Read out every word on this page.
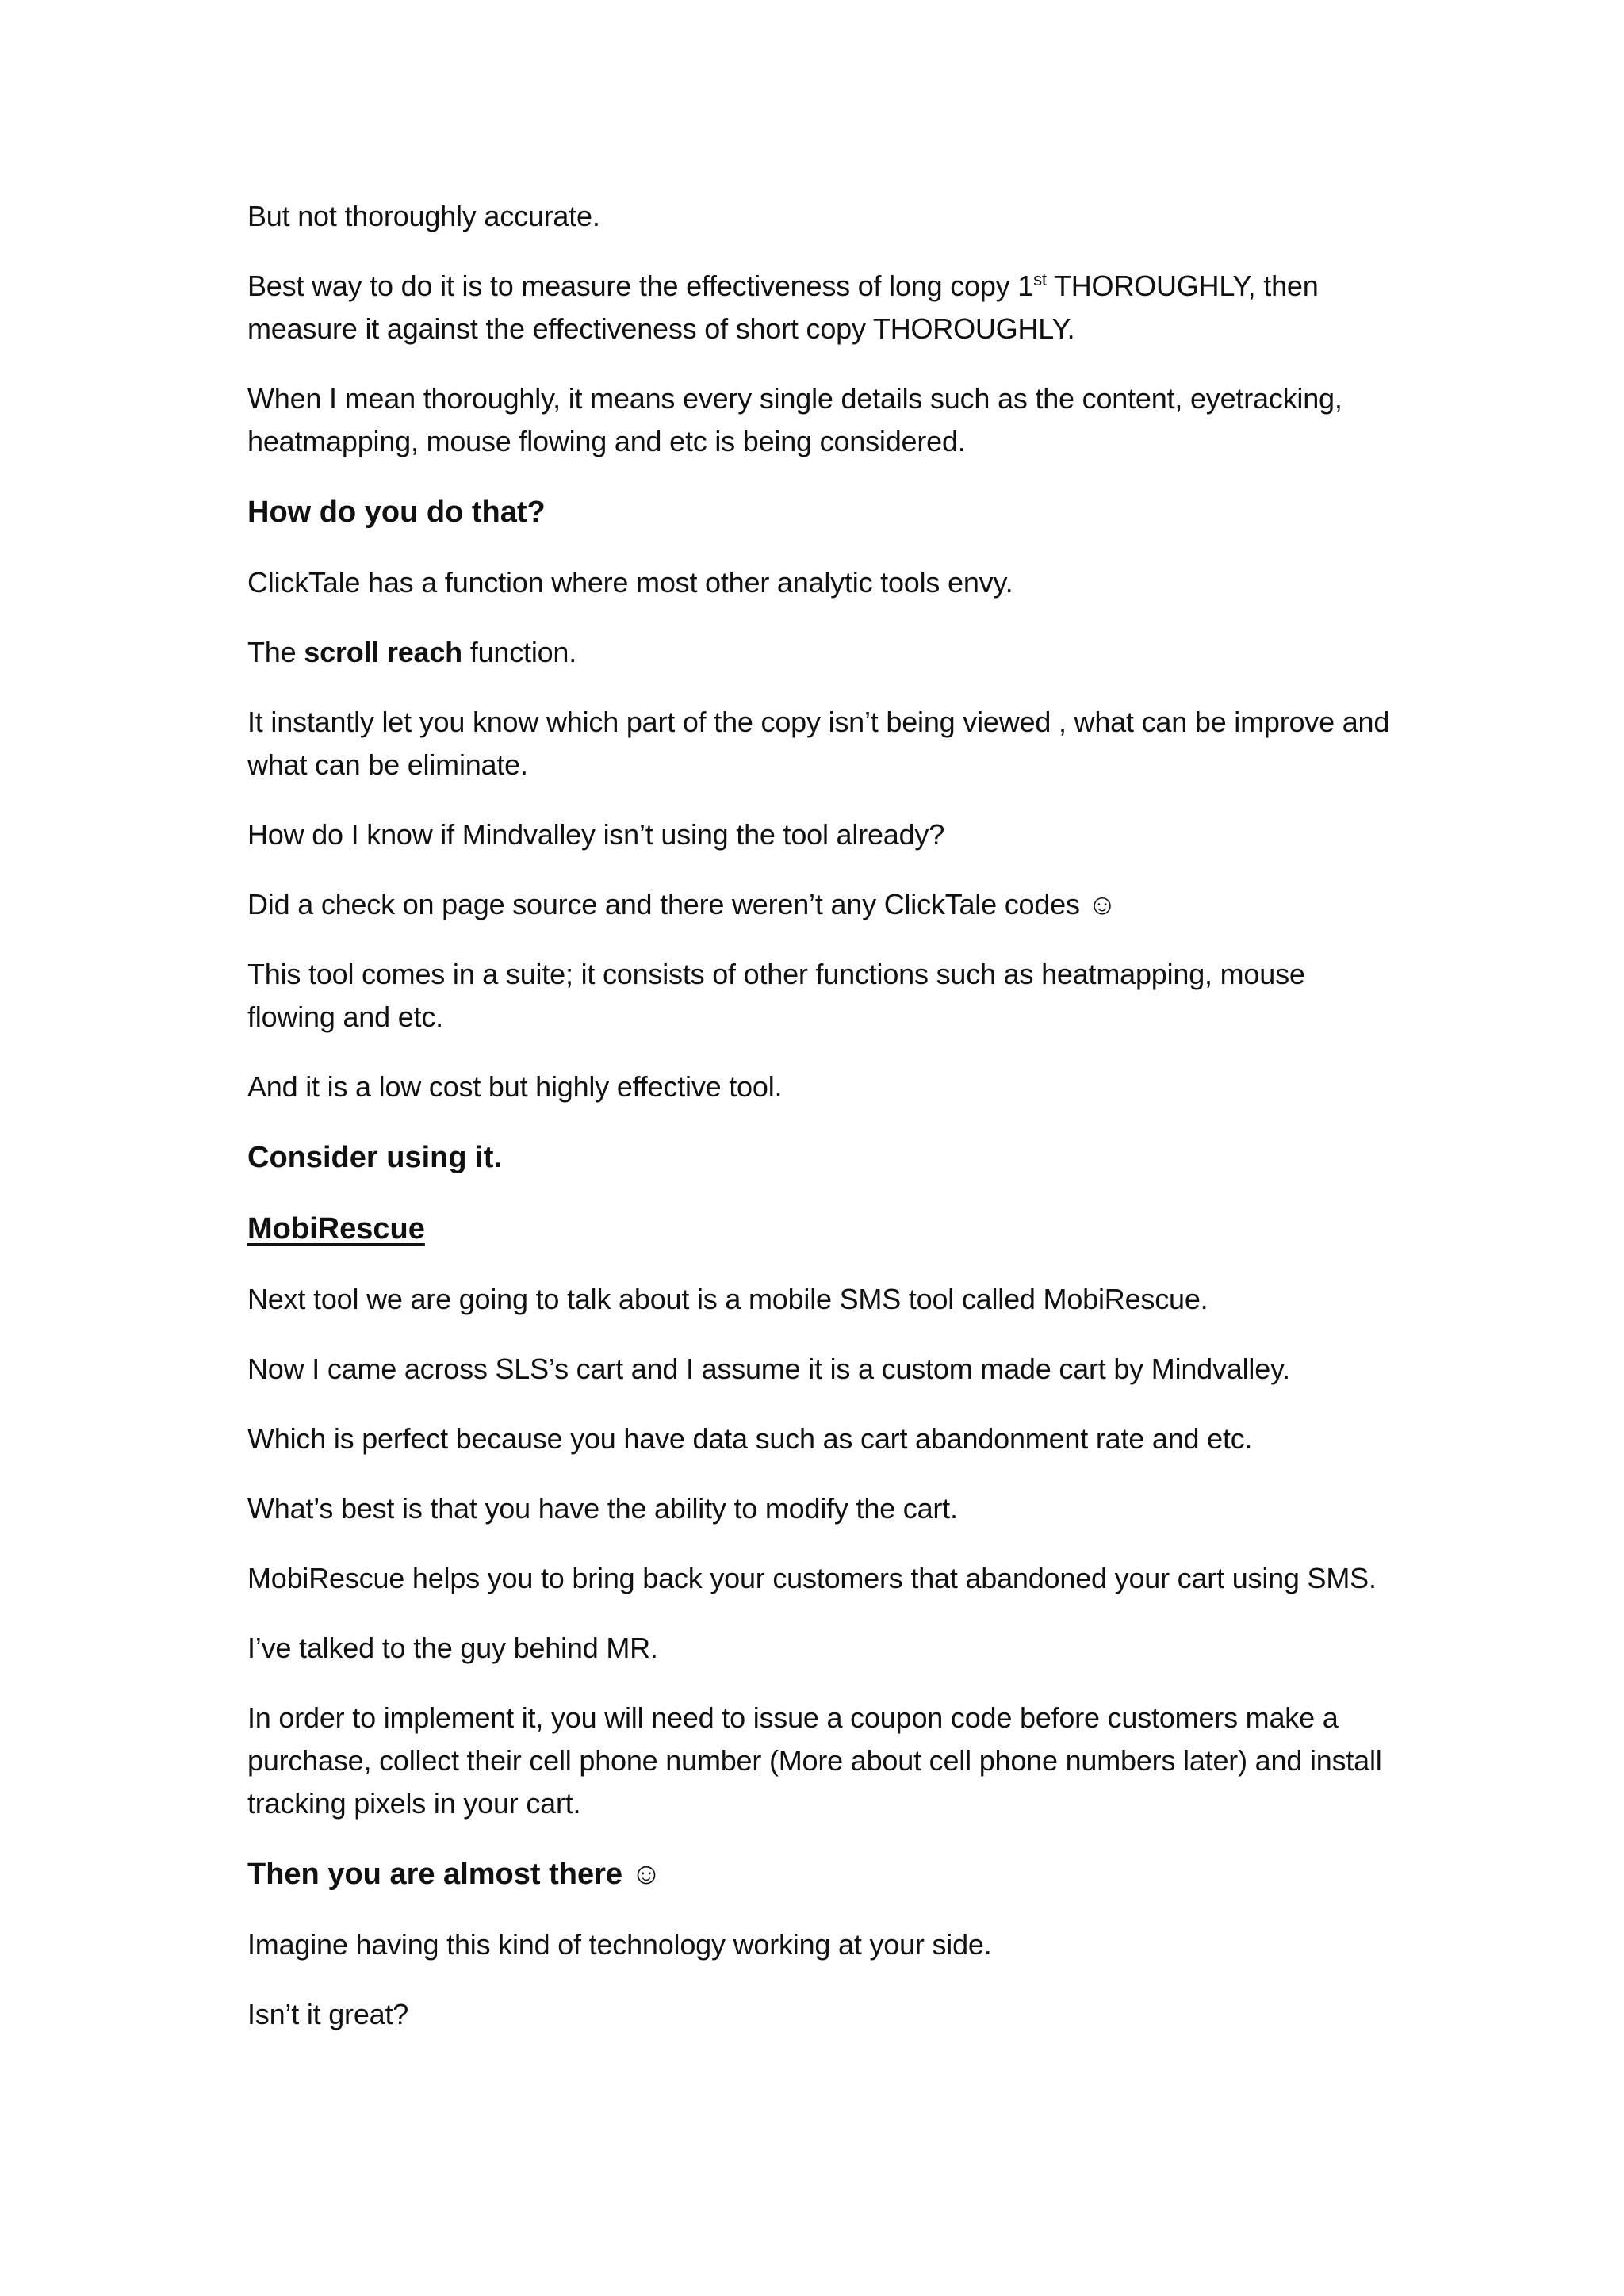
But not thoroughly accurate.

Best way to do it is to measure the effectiveness of long copy 1st THOROUGHLY, then measure it against the effectiveness of short copy THOROUGHLY.

When I mean thoroughly, it means every single details such as the content, eyetracking, heatmapping, mouse flowing and etc is being considered.

How do you do that?

ClickTale has a function where most other analytic tools envy.

The scroll reach function.

It instantly let you know which part of the copy isn’t being viewed , what can be improve and what can be eliminate.

How do I know if Mindvalley isn’t using the tool already?

Did a check on page source and there weren’t any ClickTale codes ☺

This tool comes in a suite; it consists of other functions such as heatmapping, mouse flowing and etc.

And it is a low cost but highly effective tool.

Consider using it.
MobiRescue

Next tool we are going to talk about is a mobile SMS tool called MobiRescue.

Now I came across SLS’s cart and I assume it is a custom made cart by Mindvalley.

Which is perfect because you have data such as cart abandonment rate and etc.

What’s best is that you have the ability to modify the cart.

MobiRescue helps you to bring back your customers that abandoned your cart using SMS.

I’ve talked to the guy behind MR.

In order to implement it, you will need to issue a coupon code before customers make a purchase, collect their cell phone number (More about cell phone numbers later) and install tracking pixels in your cart.

Then you are almost there ☺

Imagine having this kind of technology working at your side.

Isn’t it great?
